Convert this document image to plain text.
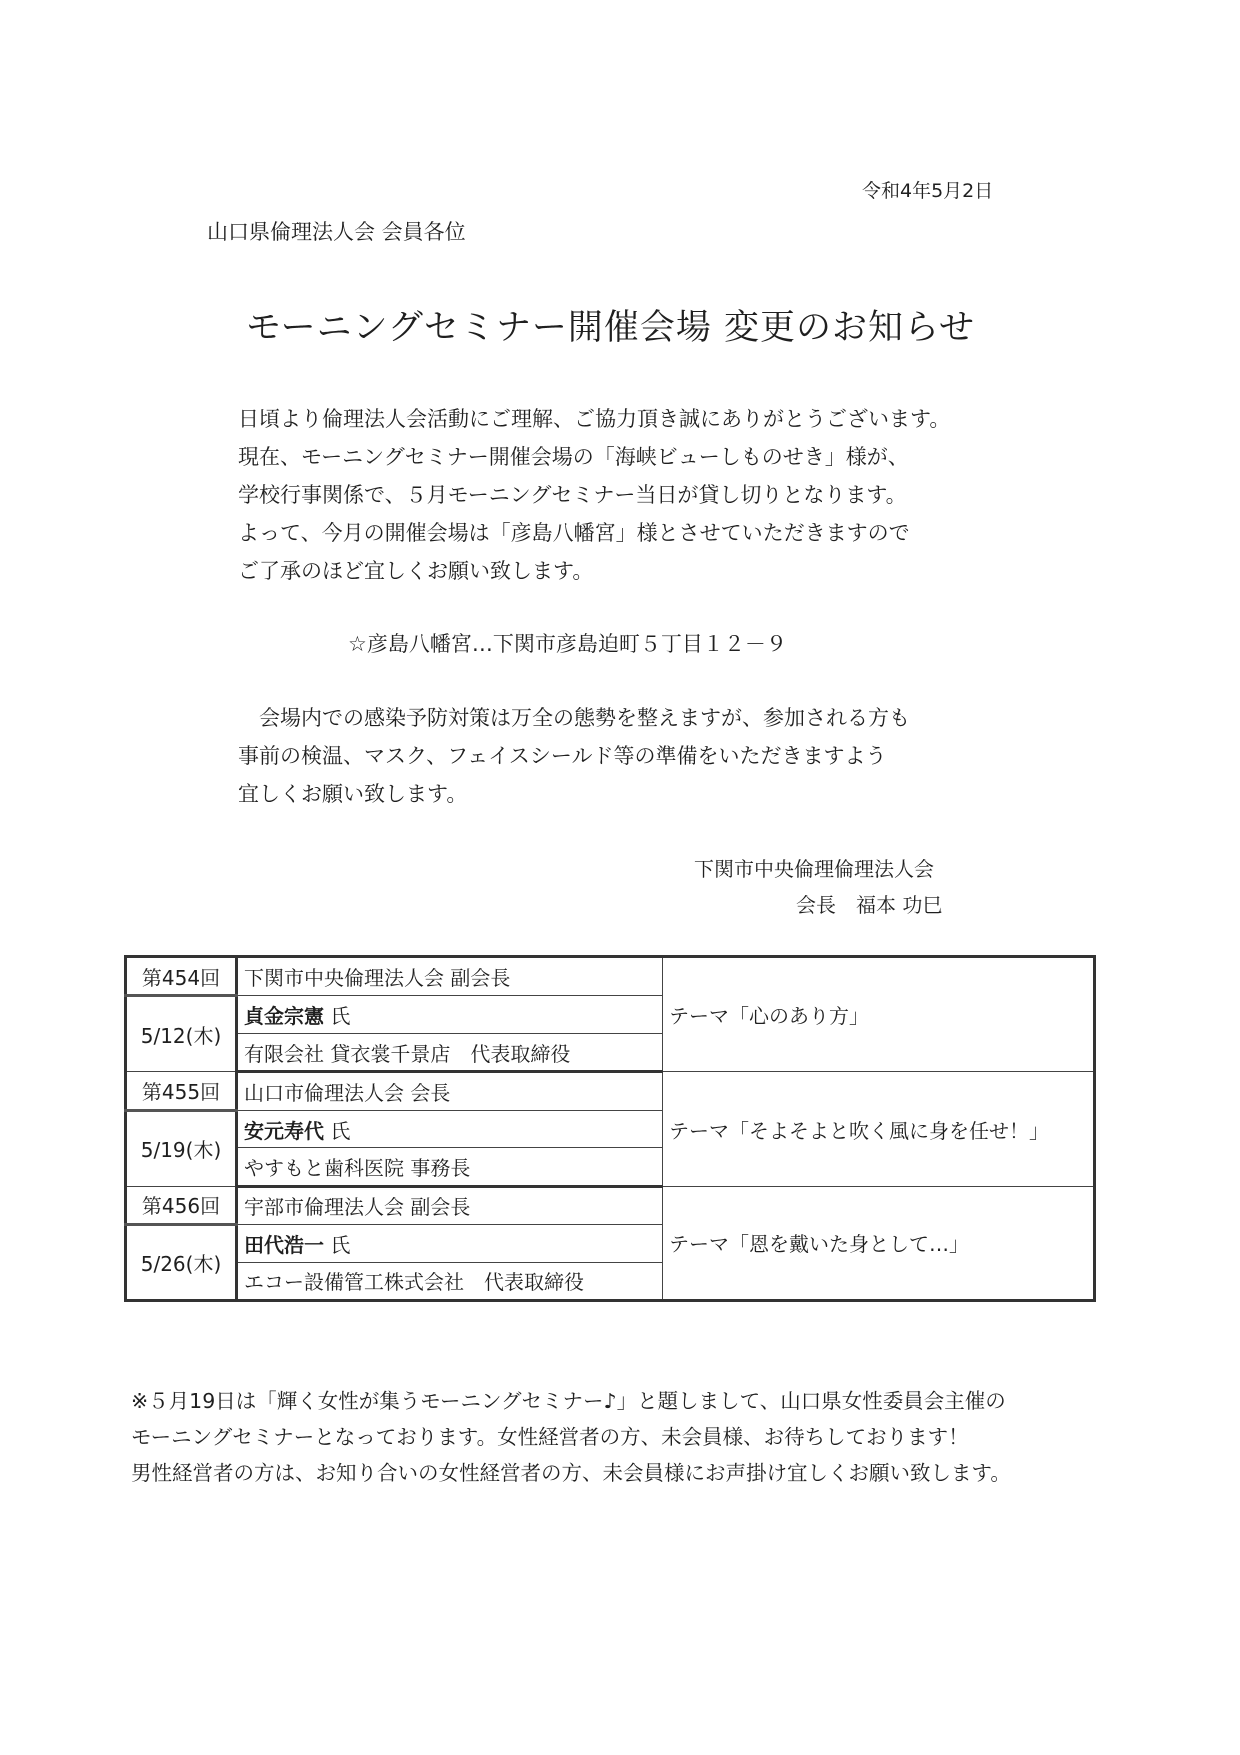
令和4年5月2日
山口県倫理法人会 会員各位
モーニングセミナー開催会場 変更のお知らせ
日頃より倫理法人会活動にご理解、ご協力頂き誠にありがとうございます。
現在、モーニングセミナー開催会場の「海峡ビューしものせき」様が、
学校行事関係で、５月モーニングセミナー当日が貸し切りとなります。
よって、今月の開催会場は「彦島八幡宮」様とさせていただきますので
ご了承のほど宜しくお願い致します。
☆彦島八幡宮…下関市彦島迫町５丁目１２－９
　会場内での感染予防対策は万全の態勢を整えますが、参加される方も
事前の検温、マスク、フェイスシールド等の準備をいただきますよう
宜しくお願い致します。
下関市中央倫理倫理法人会
会長　福本 功巳
第454回	下関市中央倫理法人会 副会長	テーマ「心のあり方」
5/12(木)	貞金宗憲 氏	
	有限会社 貸衣裳千景店　代表取締役	
第455回	山口市倫理法人会 会長	テーマ「そよそよと吹く風に身を任せ！」
5/19(木)	安元寿代 氏	
	やすもと歯科医院 事務長	
第456回	宇部市倫理法人会 副会長	テーマ「恩を戴いた身として…」
5/26(木)	田代浩一 氏	
	エコー設備管工株式会社　代表取締役	
※５月19日は「輝く女性が集うモーニングセミナー♪」と題しまして、山口県女性委員会主催の
モーニングセミナーとなっております。女性経営者の方、未会員様、お待ちしております！
男性経営者の方は、お知り合いの女性経営者の方、未会員様にお声掛け宜しくお願い致します。
